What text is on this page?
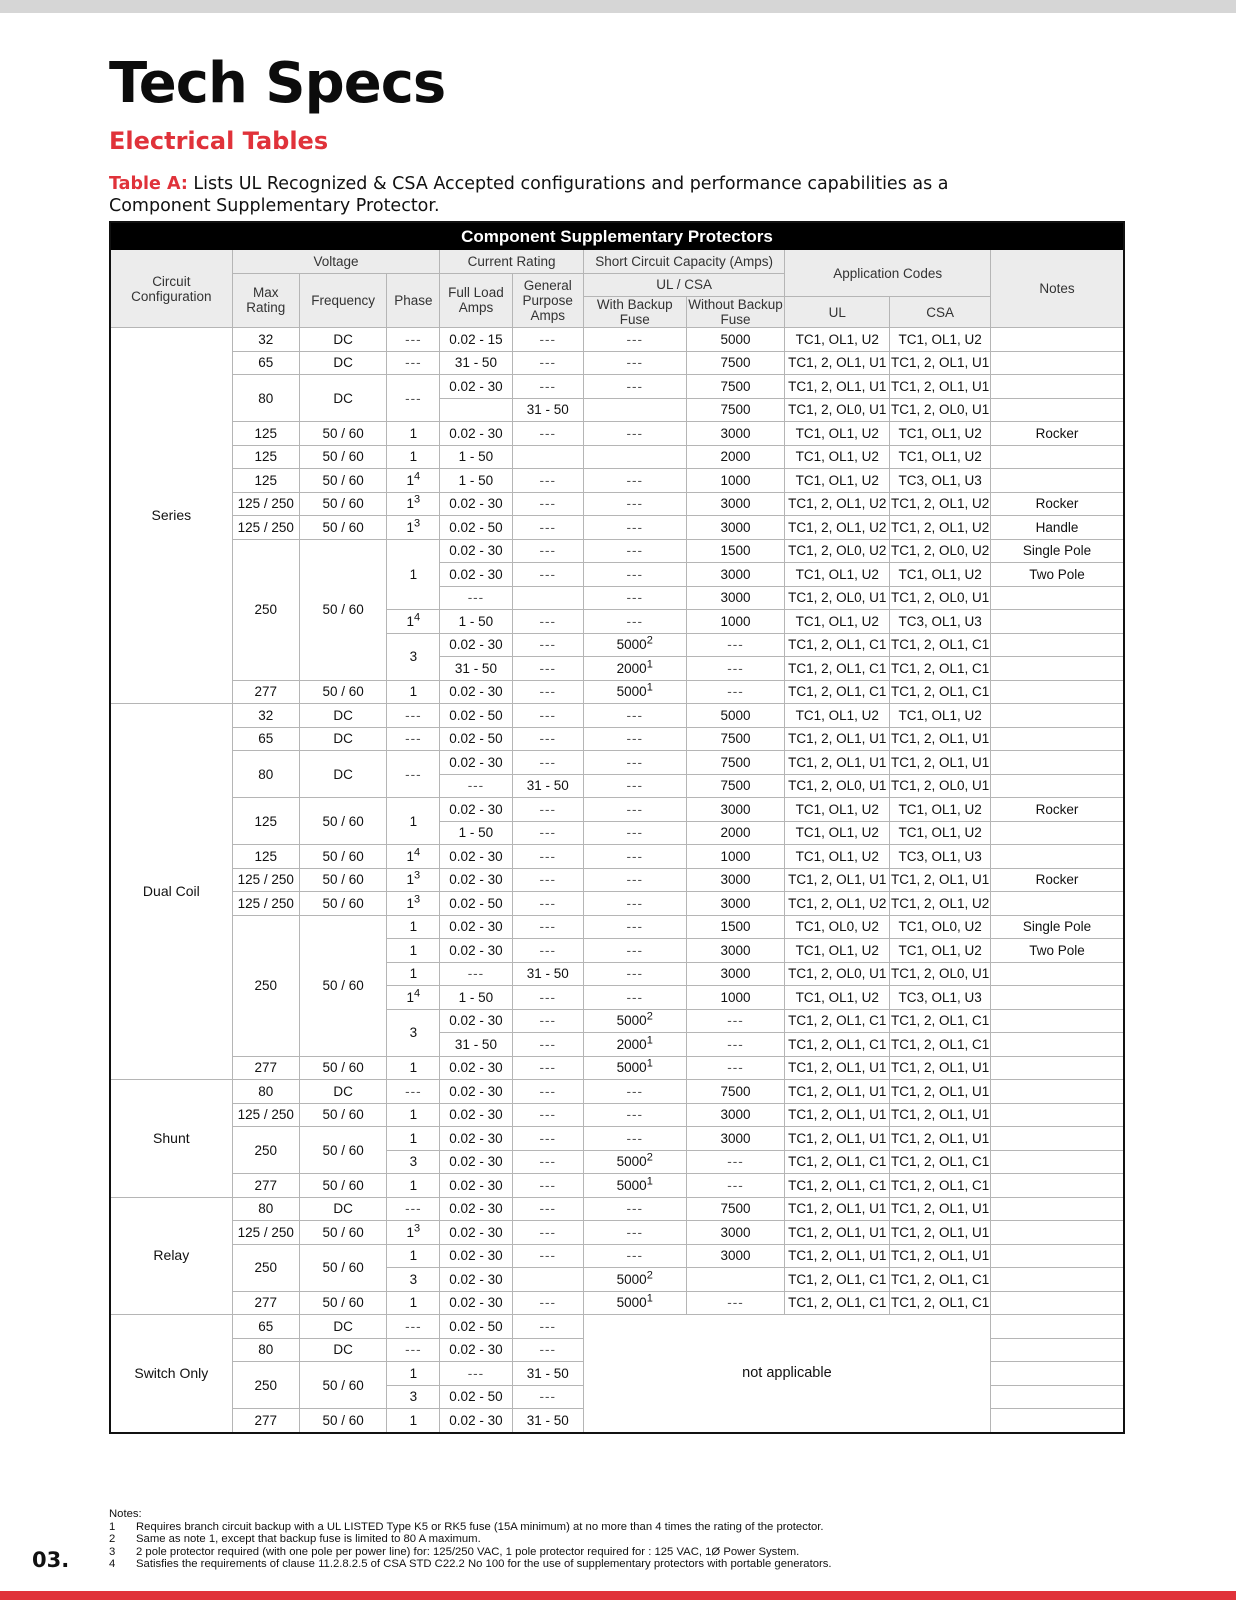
Tech Specs
Electrical Tables

Table A: Lists UL Recognized & CSA Accepted configurations and performance capabilities as a Component Supplementary Protector.

Component Supplementary Protectors										
Circuit Configuration	Voltage			Current Rating		Short Circuit Capacity (Amps)		Application Codes		Notes
	Max Rating	Frequency	Phase	Full Load Amps	General Purpose Amps	UL / CSA				
						With Backup Fuse	Without Backup Fuse	UL	CSA	

Series	32	DC	---	0.02 - 15	---	---	5000	TC1, OL1, U2	TC1, OL1, U2	
	65	DC	---	31 - 50	---	---	7500	TC1, 2, OL1, U1	TC1, 2, OL1, U1	
	80	DC	---	0.02 - 30	---	---	7500	TC1, 2, OL1, U1	TC1, 2, OL1, U1	
					31 - 50		7500	TC1, 2, OL0, U1	TC1, 2, OL0, U1	
	125	50 / 60	1	0.02 - 30	---	---	3000	TC1, OL1, U2	TC1, OL1, U2	Rocker
	125	50 / 60	1	1 - 50			2000	TC1, OL1, U2	TC1, OL1, U2	
	125	50 / 60	$1^4$	1 - 50	---	---	1000	TC1, OL1, U2	TC3, OL1, U3	
	125 / 250	50 / 60	$1^3$	0.02 - 30	---	---	3000	TC1, 2, OL1, U2	TC1, 2, OL1, U2	Rocker
	125 / 250	50 / 60	$1^3$	0.02 - 50	---	---	3000	TC1, 2, OL1, U2	TC1, 2, OL1, U2	Handle
	250	50 / 60	1	0.02 - 30	---	---	1500	TC1, 2, OL0, U2	TC1, 2, OL0, U2	Single Pole
				0.02 - 30	---	---	3000	TC1, OL1, U2	TC1, OL1, U2	Two Pole
				---		---	3000	TC1, 2, OL0, U1	TC1, 2, OL0, U1	
			$1^4$	1 - 50	---	---	1000	TC1, OL1, U2	TC3, OL1, U3	
			3	0.02 - 30	---	5000$^2$	---	TC1, 2, OL1, C1	TC1, 2, OL1, C1	
				31 - 50	---	2000$^1$	---	TC1, 2, OL1, C1	TC1, 2, OL1, C1	
	277	50 / 60	1	0.02 - 30	---	5000$^1$	---	TC1, 2, OL1, C1	TC1, 2, OL1, C1	
Dual Coil	32	DC	---	0.02 - 50	---	---	5000	TC1, OL1, U2	TC1, OL1, U2	
	65	DC	---	0.02 - 50	---	---	7500	TC1, 2, OL1, U1	TC1, 2, OL1, U1	
	80	DC	---	0.02 - 30	---	---	7500	TC1, 2, OL1, U1	TC1, 2, OL1, U1	
				---	31 - 50	---	7500	TC1, 2, OL0, U1	TC1, 2, OL0, U1	
	125	50 / 60	1	0.02 - 30	---	---	3000	TC1, OL1, U2	TC1, OL1, U2	Rocker
				1 - 50	---	---	2000	TC1, OL1, U2	TC1, OL1, U2	
	125	50 / 60	$1^4$	0.02 - 30	---	---	1000	TC1, OL1, U2	TC3, OL1, U3	
	125 / 250	50 / 60	$1^3$	0.02 - 30	---	---	3000	TC1, 2, OL1, U1	TC1, 2, OL1, U1	Rocker
	125 / 250	50 / 60	$1^3$	0.02 - 50	---	---	3000	TC1, 2, OL1, U2	TC1, 2, OL1, U2	
	250	50 / 60	1	0.02 - 30	---	---	1500	TC1, OL0, U2	TC1, OL0, U2	Single Pole
			1	0.02 - 30	---	---	3000	TC1, OL1, U2	TC1, OL1, U2	Two Pole
			1	---	31 - 50	---	3000	TC1, 2, OL0, U1	TC1, 2, OL0, U1	
			$1^4$	1 - 50	---	---	1000	TC1, OL1, U2	TC3, OL1, U3	
			3	0.02 - 30	---	5000$^2$	---	TC1, 2, OL1, C1	TC1, 2, OL1, C1	
				31 - 50	---	2000$^1$	---	TC1, 2, OL1, C1	TC1, 2, OL1, C1	
	277	50 / 60	1	0.02 - 30	---	5000$^1$	---	TC1, 2, OL1, U1	TC1, 2, OL1, U1	
Shunt	80	DC	---	0.02 - 30	---	---	7500	TC1, 2, OL1, U1	TC1, 2, OL1, U1	
	125 / 250	50 / 60	1	0.02 - 30	---	---	3000	TC1, 2, OL1, U1	TC1, 2, OL1, U1	
	250	50 / 60	1	0.02 - 30	---	---	3000	TC1, 2, OL1, U1	TC1, 2, OL1, U1	
			3	0.02 - 30	---	5000$^2$	---	TC1, 2, OL1, C1	TC1, 2, OL1, C1	
	277	50 / 60	1	0.02 - 30	---	5000$^1$	---	TC1, 2, OL1, C1	TC1, 2, OL1, C1	
Relay	80	DC	---	0.02 - 30	---	---	7500	TC1, 2, OL1, U1	TC1, 2, OL1, U1	
	125 / 250	50 / 60	$1^3$	0.02 - 30	---	---	3000	TC1, 2, OL1, U1	TC1, 2, OL1, U1	
	250	50 / 60	1	0.02 - 30	---	---	3000	TC1, 2, OL1, U1	TC1, 2, OL1, U1	
			3	0.02 - 30		5000$^2$		TC1, 2, OL1, C1	TC1, 2, OL1, C1	
	277	50 / 60	1	0.02 - 30	---	5000$^1$	---	TC1, 2, OL1, C1	TC1, 2, OL1, C1	
Switch Only	65	DC	---	0.02 - 50	---	not applicable				
	80	DC	---	0.02 - 30	---					
	250	50 / 60	1	---	31 - 50					
			3	0.02 - 50	---					
	277	50 / 60	1	0.02 - 30	31 - 50					
Notes:
1	Requires branch circuit backup with a UL LISTED Type K5 or RK5 fuse (15A minimum) at no more than 4 times the rating of the protector.
2	Same as note 1, except that backup fuse is limited to 80 A maximum.
3	2 pole protector required (with one pole per power line) for: 125/250 VAC, 1 pole protector required for : 125 VAC, 1Ø Power System.
4	Satisfies the requirements of clause 11.2.8.2.5 of CSA STD C22.2 No 100 for the use of supplementary protectors with portable generators.
03.
